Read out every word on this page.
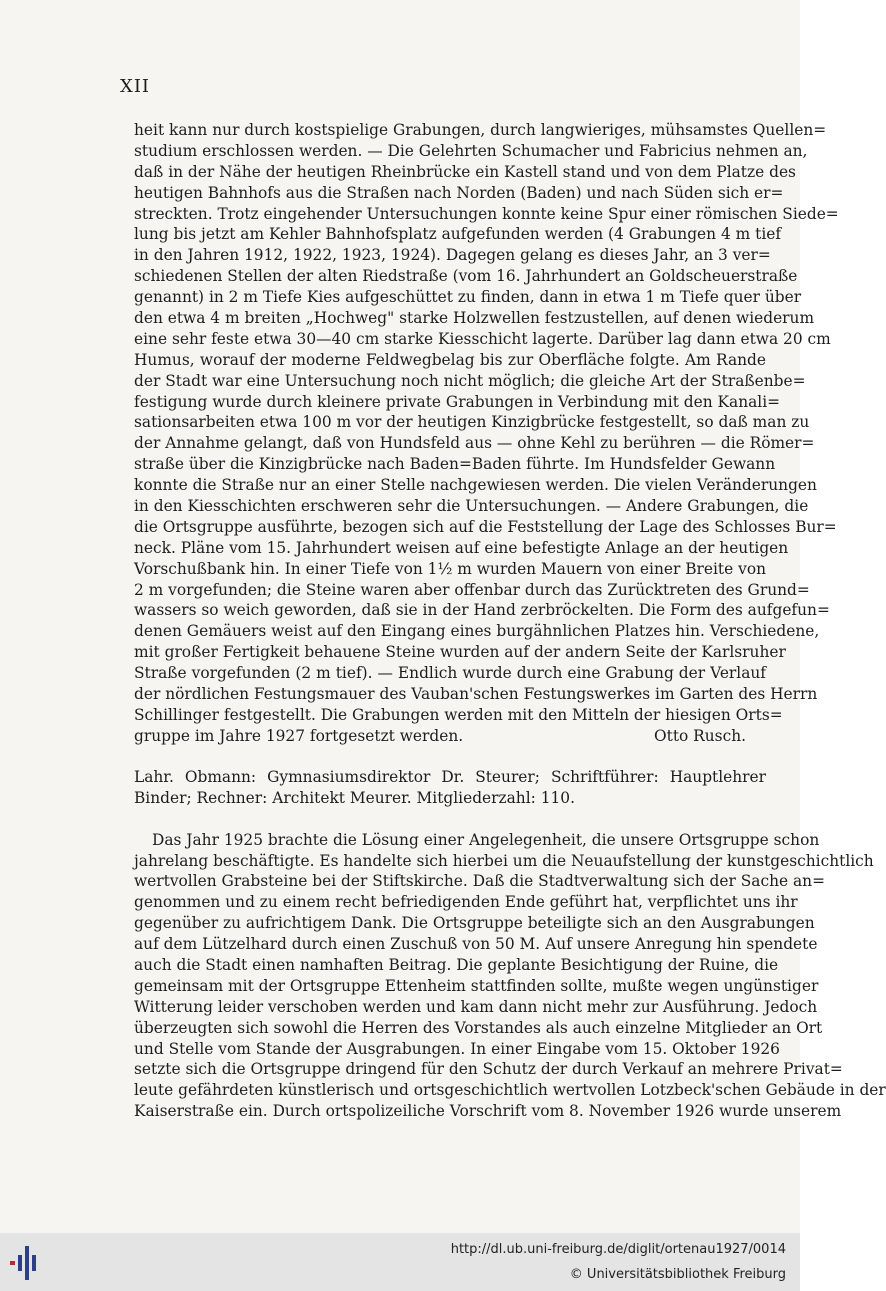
XII
heit kann nur durch kostspielige Grabungen, durch langwieriges, mühsamstes Quellen=
studium erschlossen werden. — Die Gelehrten Schumacher und Fabricius nehmen an,
daß in der Nähe der heutigen Rheinbrücke ein Kastell stand und von dem Platze des
heutigen Bahnhofs aus die Straßen nach Norden (Baden) und nach Süden sich er=
streckten. Trotz eingehender Untersuchungen konnte keine Spur einer römischen Siede=
lung bis jetzt am Kehler Bahnhofsplatz aufgefunden werden (4 Grabungen 4 m tief
in den Jahren 1912, 1922, 1923, 1924). Dagegen gelang es dieses Jahr, an 3 ver=
schiedenen Stellen der alten Riedstraße (vom 16. Jahrhundert an Goldscheuerstraße
genannt) in 2 m Tiefe Kies aufgeschüttet zu finden, dann in etwa 1 m Tiefe quer über
den etwa 4 m breiten „Hochweg" starke Holzwellen festzustellen, auf denen wiederum
eine sehr feste etwa 30—40 cm starke Kiesschicht lagerte. Darüber lag dann etwa 20 cm
Humus, worauf der moderne Feldwegbelag bis zur Oberfläche folgte. Am Rande
der Stadt war eine Untersuchung noch nicht möglich; die gleiche Art der Straßenbe=
festigung wurde durch kleinere private Grabungen in Verbindung mit den Kanali=
sationsarbeiten etwa 100 m vor der heutigen Kinzigbrücke festgestellt, so daß man zu
der Annahme gelangt, daß von Hundsfeld aus — ohne Kehl zu berühren — die Römer=
straße über die Kinzigbrücke nach Baden=Baden führte. Im Hundsfelder Gewann
konnte die Straße nur an einer Stelle nachgewiesen werden. Die vielen Veränderungen
in den Kiesschichten erschweren sehr die Untersuchungen. — Andere Grabungen, die
die Ortsgruppe ausführte, bezogen sich auf die Feststellung der Lage des Schlosses Bur=
neck. Pläne vom 15. Jahrhundert weisen auf eine befestigte Anlage an der heutigen
Vorschußbank hin. In einer Tiefe von 1½ m wurden Mauern von einer Breite von
2 m vorgefunden; die Steine waren aber offenbar durch das Zurücktreten des Grund=
wassers so weich geworden, daß sie in der Hand zerbröckelten. Die Form des aufgefun=
denen Gemäuers weist auf den Eingang eines burgähnlichen Platzes hin. Verschiedene,
mit großer Fertigkeit behauene Steine wurden auf der andern Seite der Karlsruher
Straße vorgefunden (2 m tief). — Endlich wurde durch eine Grabung der Verlauf
der nördlichen Festungsmauer des Vauban'schen Festungswerkes im Garten des Herrn
Schillinger festgestellt. Die Grabungen werden mit den Mitteln der hiesigen Orts=
gruppe im Jahre 1927 fortgesetzt werden.	Otto Rusch.
Lahr. Obmann: Gymnasiumsdirektor Dr. Steurer; Schriftführer: Hauptlehrer
Binder; Rechner: Architekt Meurer. Mitgliederzahl: 110.
Das Jahr 1925 brachte die Lösung einer Angelegenheit, die unsere Ortsgruppe schon
jahrelang beschäftigte. Es handelte sich hierbei um die Neuaufstellung der kunstgeschichtlich
wertvollen Grabsteine bei der Stiftskirche. Daß die Stadtverwaltung sich der Sache an=
genommen und zu einem recht befriedigenden Ende geführt hat, verpflichtet uns ihr
gegenüber zu aufrichtigem Dank. Die Ortsgruppe beteiligte sich an den Ausgrabungen
auf dem Lützelhard durch einen Zuschuß von 50 M. Auf unsere Anregung hin spendete
auch die Stadt einen namhaften Beitrag. Die geplante Besichtigung der Ruine, die
gemeinsam mit der Ortsgruppe Ettenheim stattfinden sollte, mußte wegen ungünstiger
Witterung leider verschoben werden und kam dann nicht mehr zur Ausführung. Jedoch
überzeugten sich sowohl die Herren des Vorstandes als auch einzelne Mitglieder an Ort
und Stelle vom Stande der Ausgrabungen. In einer Eingabe vom 15. Oktober 1926
setzte sich die Ortsgruppe dringend für den Schutz der durch Verkauf an mehrere Privat=
leute gefährdeten künstlerisch und ortsgeschichtlich wertvollen Lotzbeck'schen Gebäude in der
Kaiserstraße ein. Durch ortspolizeiliche Vorschrift vom 8. November 1926 wurde unserem
http://dl.ub.uni-freiburg.de/diglit/ortenau1927/0014
© Universitätsbibliothek Freiburg
